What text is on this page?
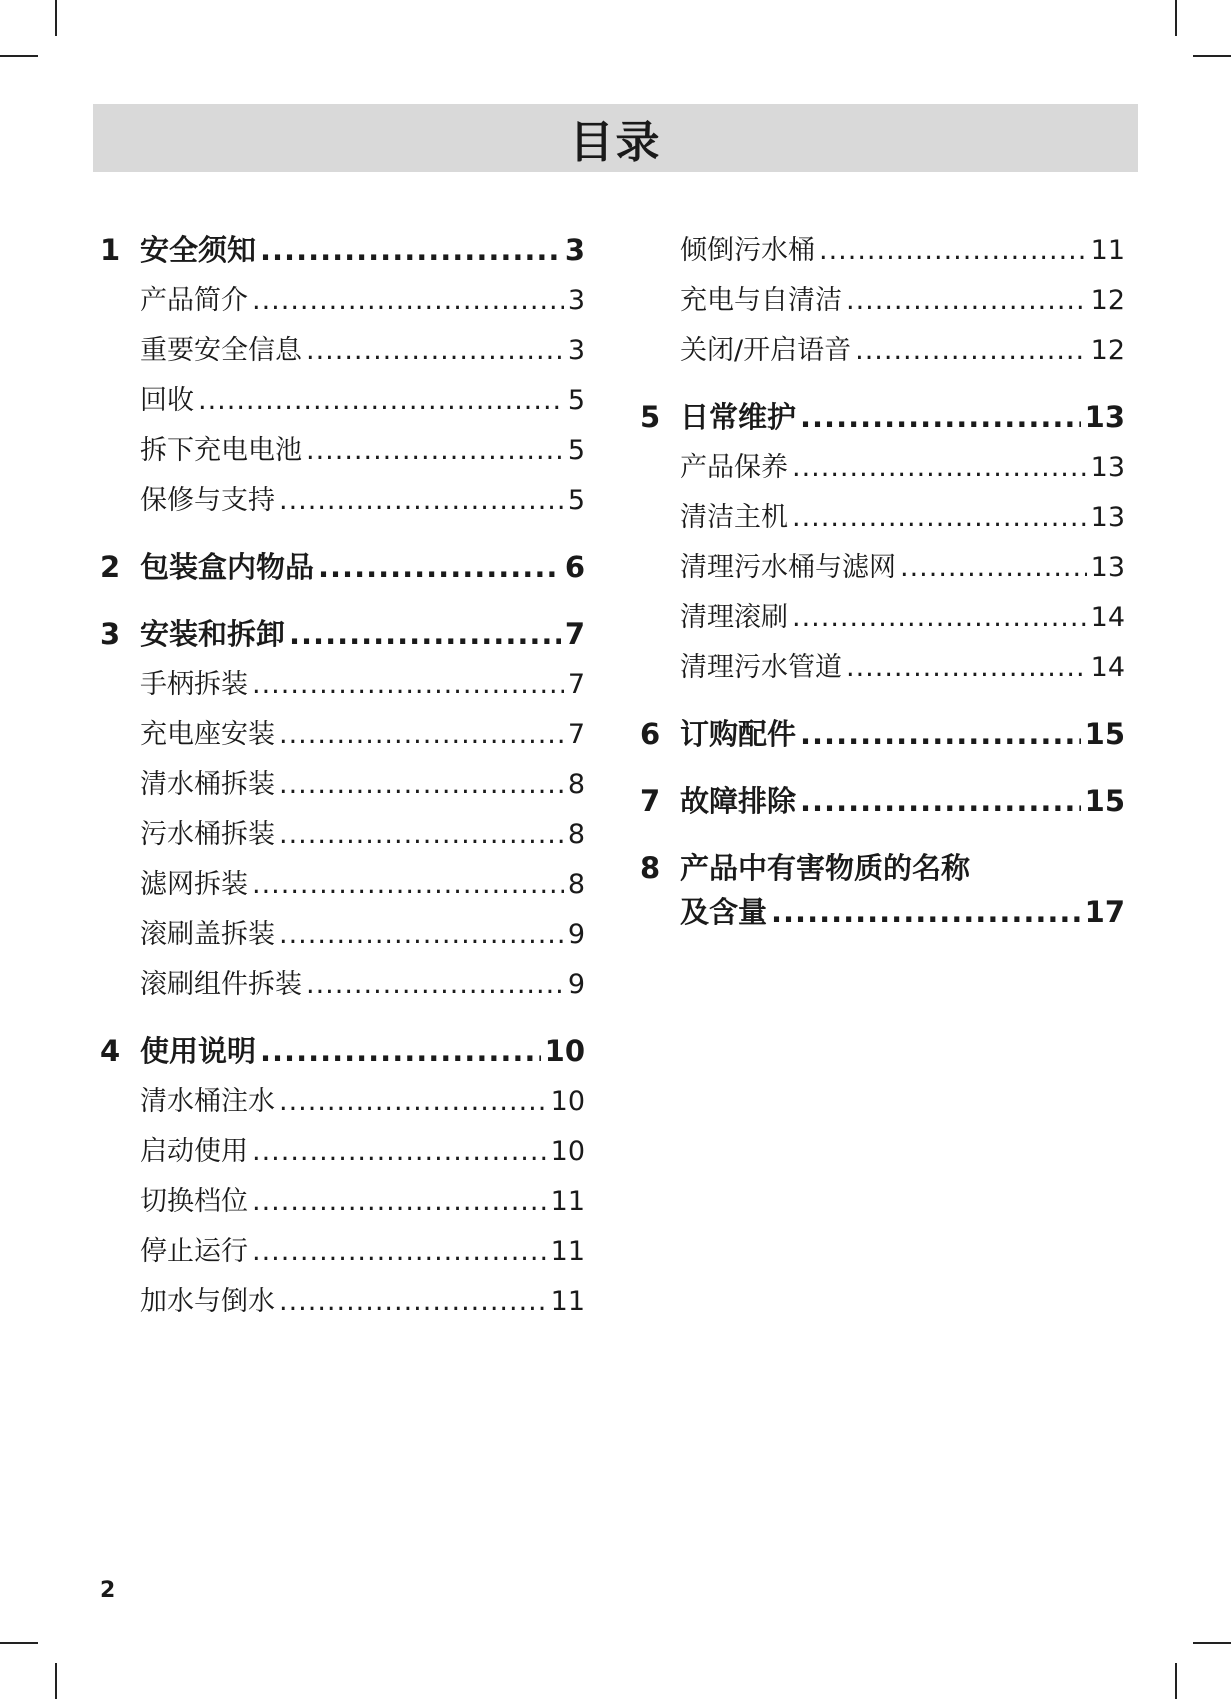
目录
1 安全须知 .....	3
产品简介 .....	3
重要安全信息 .....	3
回收 .....	5
拆下充电电池 .....	5
保修与支持 .....	5
2 包装盒内物品 .....	6
3 安装和拆卸 .....	7
手柄拆装 .....	7
充电座安装 .....	7
清水桶拆装 .....	8
污水桶拆装 .....	8
滤网拆装 .....	8
滚刷盖拆装 .....	9
滚刷组件拆装 .....	9
4 使用说明 .....	10
清水桶注水 .....	10
启动使用 .....	10
切换档位 .....	11
停止运行 .....	11
加水与倒水 .....	11
倾倒污水桶 .....	11
充电与自清洁 .....	12
关闭/开启语音 .....	12
5 日常维护 .....	13
产品保养 .....	13
清洁主机 .....	13
清理污水桶与滤网 .....	13
清理滚刷 .....	14
清理污水管道 .....	14
6 订购配件 .....	15
7 故障排除 .....	15
8 产品中有害物质的名称
及含量 .....	17
2
